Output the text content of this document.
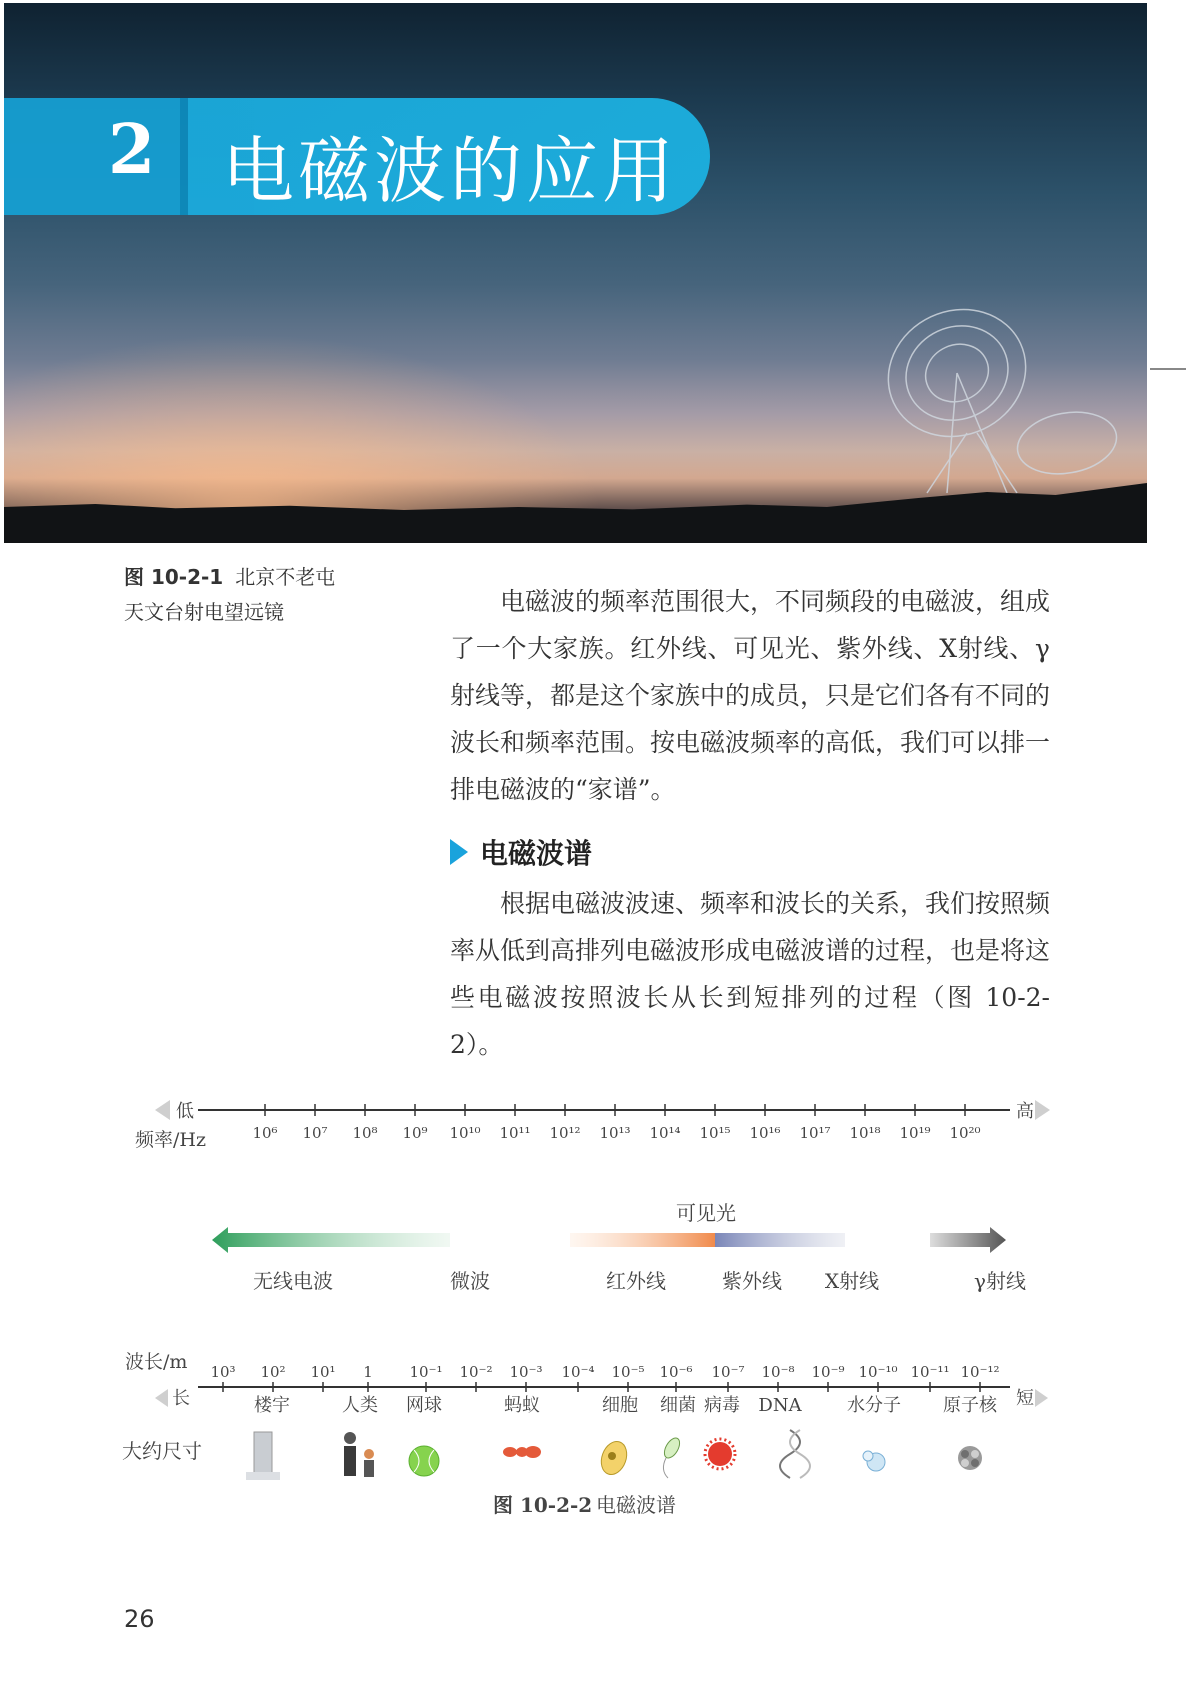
2 电磁波的应用
图 10-2-1 北京不老屯
天文台射电望远镜	电磁波的频率范围很大，不同频段的电磁波，组成了一个大家族。红外线、可见光、紫外线、X射线、γ射线等，都是这个家族中的成员，只是它们各有不同的波长和频率范围。按电磁波频率的高低，我们可以排一排电磁波的“家谱”。

电磁波谱

根据电磁波波速、频率和波长的关系，我们按照频率从低到高排列电磁波形成电磁波谱的过程，也是将这些电磁波按照波长从长到短排列的过程（图 10-2-2）。

低	高
频率/Hz	10⁶ 10⁷ 10⁸ 10⁹ 10¹⁰ 10¹¹ 10¹² 10¹³ 10¹⁴ 10¹⁵ 10¹⁶ 10¹⁷ 10¹⁸ 10¹⁹ 10²⁰
可见光
无线电波	微波	红外线	紫外线 X射线	γ射线
波长/m 10³ 10² 10¹ 1 10⁻¹ 10⁻² 10⁻³ 10⁻⁴ 10⁻⁵ 10⁻⁶ 10⁻⁷ 10⁻⁸ 10⁻⁹ 10⁻¹⁰ 10⁻¹¹ 10⁻¹²
长	短
楼宇	人类 网球	蚂蚁	细胞 细菌 病毒 DNA	水分子 原子核
大约尺寸
图 10-2-2 电磁波谱
26
